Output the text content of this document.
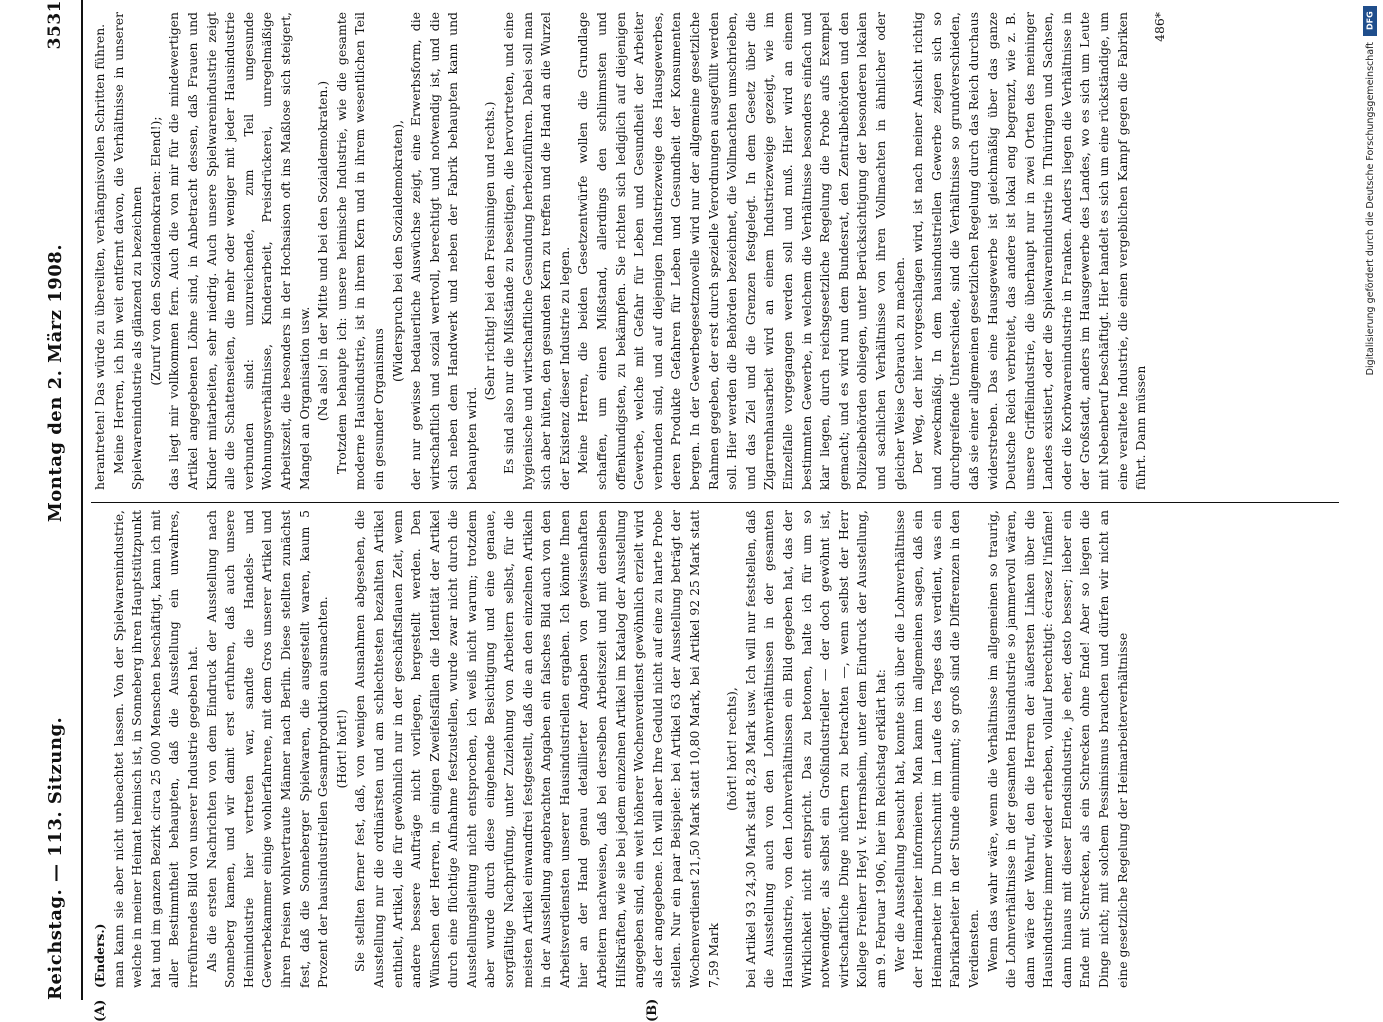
Reichstag. — 113. Sitzung.
Montag den 2. März 1908.
3531
(A)	(B)

(Enders.) man kann sie aber nicht unbeachtet lassen. Von der Spielwarenindustrie, welche in meiner Heimat heimisch ist, in Sonneberg ihren Hauptstützpunkt hat und im ganzen Bezirk circa 25 000 Menschen beschäftigt, kann ich mit aller Bestimmtheit behaupten, daß die Ausstellung ein unwahres, irreführendes Bild von unserer Industrie gegeben hat. Als die ersten Nachrichten von dem Eindruck der Ausstellung nach Sonneberg kamen, und wir damit erst erfuhren, daß auch unsere Heimindustrie hier vertreten war, sandte die Handels- und Gewerbekammer einige wohlerfahrene, mit dem Gros unserer Artikel und ihren Preisen wohlvertraute Männer nach Berlin. Diese stellten zunächst fest, daß die Sonneberger Spielwaren, die ausgestellt waren, kaum 5 Prozent der hausindustriellen Gesamtproduktion ausmachten. (Hört! hört!) Sie stellten ferner fest, daß, von wenigen Ausnahmen abgesehen, die Ausstellung nur die ordinärsten und am schlechtesten bezahlten Artikel enthielt, Artikel, die für gewöhnlich nur in der geschäftsflauen Zeit, wenn andere bessere Aufträge nicht vorliegen, hergestellt werden. Den Wünschen der Herren, in einigen Zweifelsfällen die Identität der Artikel durch eine flüchtige Aufnahme festzustellen, wurde zwar nicht durch die Ausstellungsleitung nicht entsprochen, ich weiß nicht warum; trotzdem aber wurde durch diese eingehende Besichtigung und eine genaue, sorgfältige Nachprüfung, unter Zuziehung von Arbeitern selbst, für die meisten Artikel einwandfrei festgestellt, daß die an den einzelnen Artikeln in der Ausstellung angebrachten Angaben ein falsches Bild auch von den Arbeitsverdiensten unserer Hausindustriellen ergaben. Ich könnte Ihnen hier an der Hand genau detaillierter Angaben von gewissenhaften Arbeitern nachweisen, daß bei derselben Arbeitszeit und mit denselben Hilfskräften, wie sie bei jedem einzelnen Artikel im Katalog der Ausstellung angegeben sind, ein weit höherer Wochenverdienst gewöhnlich erzielt wird als der angegebene. Ich will aber Ihre Geduld nicht auf eine zu harte Probe stellen. Nur ein paar Beispiele: bei Artikel 63 der Ausstellung beträgt der Wochenverdienst 21,50 Mark statt 10,80 Mark, bei Artikel 92 25 Mark statt 7,59 Mark

(hört! hört! rechts), bei Artikel 93 24,30 Mark statt 8,28 Mark usw. Ich will nur feststellen, daß die Ausstellung auch von den Lohnverhältnissen in der gesamten Hausindustrie, von den Lohnverhältnissen ein Bild gegeben hat, das der Wirklichkeit nicht entspricht. Das zu betonen, halte ich für um so notwendiger, als selbst ein Großindustrieller — der doch gewöhnt ist, wirtschaftliche Dinge nüchtern zu betrachten —, wenn selbst der Herr Kollege Freiherr Heyl v. Herrnsheim, unter dem Eindruck der Ausstellung, am 9. Februar 1906, hier im Reichstag erklärt hat: Wer die Ausstellung besucht hat, konnte sich über die Lohnverhältnisse der Heimarbeiter informieren. Man kann im allgemeinen sagen, daß ein Heimarbeiter im Durchschnitt im Laufe des Tages das verdient, was ein Fabrikarbeiter in der Stunde einnimmt; so groß sind die Differenzen in den Verdiensten. Wenn das wahr wäre, wenn die Verhältnisse im allgemeinen so traurig, die Lohnverhältnisse in der gesamten Hausindustrie so jammervoll wären, dann wäre der Wehruf, den die Herren der äußersten Linken über die Hausindustrie immer wieder erheben, vollauf berechtigt: écrasez l'infâme! dann hinaus mit dieser Elendsindustrie, je eher, desto besser; lieber ein Ende mit Schrecken, als ein Schrecken ohne Ende! Aber so liegen die Dinge nicht; mit solchem Pessimismus brauchen und dürfen wir nicht an eine gesetzliche Regelung der Heimarbeiterverhältnisse

herantreten! Das würde zu übereilten, verhängnisvollen Schritten führen. Meine Herren, ich bin weit entfernt davon, die Verhältnisse in unserer Spielwarenindustrie als glänzend zu bezeichnen (Zuruf von den Sozialdemokraten: Elend!); das liegt mir vollkommen fern. Auch die von mir für die mindewertigen Artikel angegebenen Löhne sind, in Anbetracht dessen, daß Frauen und Kinder mitarbeiten, sehr niedrig. Auch unsere Spielwarenindustrie zeigt alle die Schattenseiten, die mehr oder weniger mit jeder Hausindustrie verbunden sind: unzureichende, zum Teil ungesunde Wohnungsverhältnisse, Kinderarbeit, Preisdrückerei, unregelmäßige Arbeitszeit, die besonders in der Hochsaison oft ins Maßlose sich steigert, Mangel an Organisation usw. (Na also! in der Mitte und bei den Sozialdemokraten.) Trotzdem behaupte ich: unsere heimische Industrie, wie die gesamte moderne Hausindustrie, ist in ihrem Kern und in ihrem wesentlichen Teil ein gesunder Organismus

(Widerspruch bei den Sozialdemokraten), der nur gewisse bedauerliche Auswüchse zeigt, eine Erwerbsform, die wirtschaftlich und sozial wertvoll, berechtigt und notwendig ist, und die sich neben dem Handwerk und neben der Fabrik behaupten kann und behaupten wird.

(Sehr richtig! bei den Freisinnigen und rechts.) Es sind also nur die Mißstände zu beseitigen, die hervortreten, und eine hygienische und wirtschaftliche Gesundung herbeizuführen. Dabei soll man sich aber hüten, den gesunden Kern zu treffen und die Hand an die Wurzel der Existenz dieser Industrie zu legen. Meine Herren, die beiden Gesetzentwürfe wollen die Grundlage schaffen, um einen Mißstand, allerdings den schlimmsten und offenkundigsten, zu bekämpfen. Sie richten sich lediglich auf diejenigen Gewerbe, welche mit Gefahr für Leben und Gesundheit der Arbeiter verbunden sind, und auf diejenigen Industriezweige des Hausgewerbes, deren Produkte Gefahren für Leben und Gesundheit der Konsumenten bergen. In der Gewerbegesetznovelle wird nur der allgemeine gesetzliche Rahmen gegeben, der erst durch spezielle Verordnungen ausgefüllt werden soll. Hier werden die Behörden bezeichnet, die Vollmachten umschrieben, und das Ziel und die Grenzen festgelegt. In dem Gesetz über die Zigarrenhausarbeit wird an einem Industriezweige gezeigt, wie im Einzelfalle vorgegangen werden soll und muß. Hier wird an einem bestimmten Gewerbe, in welchem die Verhältnisse besonders einfach und klar liegen, durch reichsgesetzliche Regelung die Probe aufs Exempel gemacht; und es wird nun dem Bundesrat, den Zentralbehörden und den Polizeibehörden obliegen, unter Berücksichtigung der besonderen lokalen und sachlichen Verhältnisse von ihren Vollmachten in ähnlicher oder gleicher Weise Gebrauch zu machen. Der Weg, der hier vorgeschlagen wird, ist nach meiner Ansicht richtig und zweckmäßig. In dem hausindustriellen Gewerbe zeigen sich so durchgreifende Unterschiede, sind die Verhältnisse so grundverschieden, daß sie einer allgemeinen gesetzlichen Regelung durch das Reich durchaus widerstreben. Das eine Hausgewerbe ist gleichmäßig über das ganze Deutsche Reich verbreitet, das andere ist lokal eng begrenzt, wie z. B. unsere Griffelindustrie, die überhaupt nur in zwei Orten des meininger Landes existiert, oder die Spielwarenindustrie in Thüringen und Sachsen, oder die Korbwarenindustrie in Franken. Anders liegen die Verhältnisse in der Großstadt, anders im Hausgewerbe des Landes, wo es sich um Leute mit Nebenberuf beschäftigt. Hier handelt es sich um eine rückständige, um eine veraltete Industrie, die einen vergeblichen Kampf gegen die Fabriken führt. Dann müssen

486*	DFG
Digitalisierung gefördert durch die Deutsche Forschungsgemeinschaft
